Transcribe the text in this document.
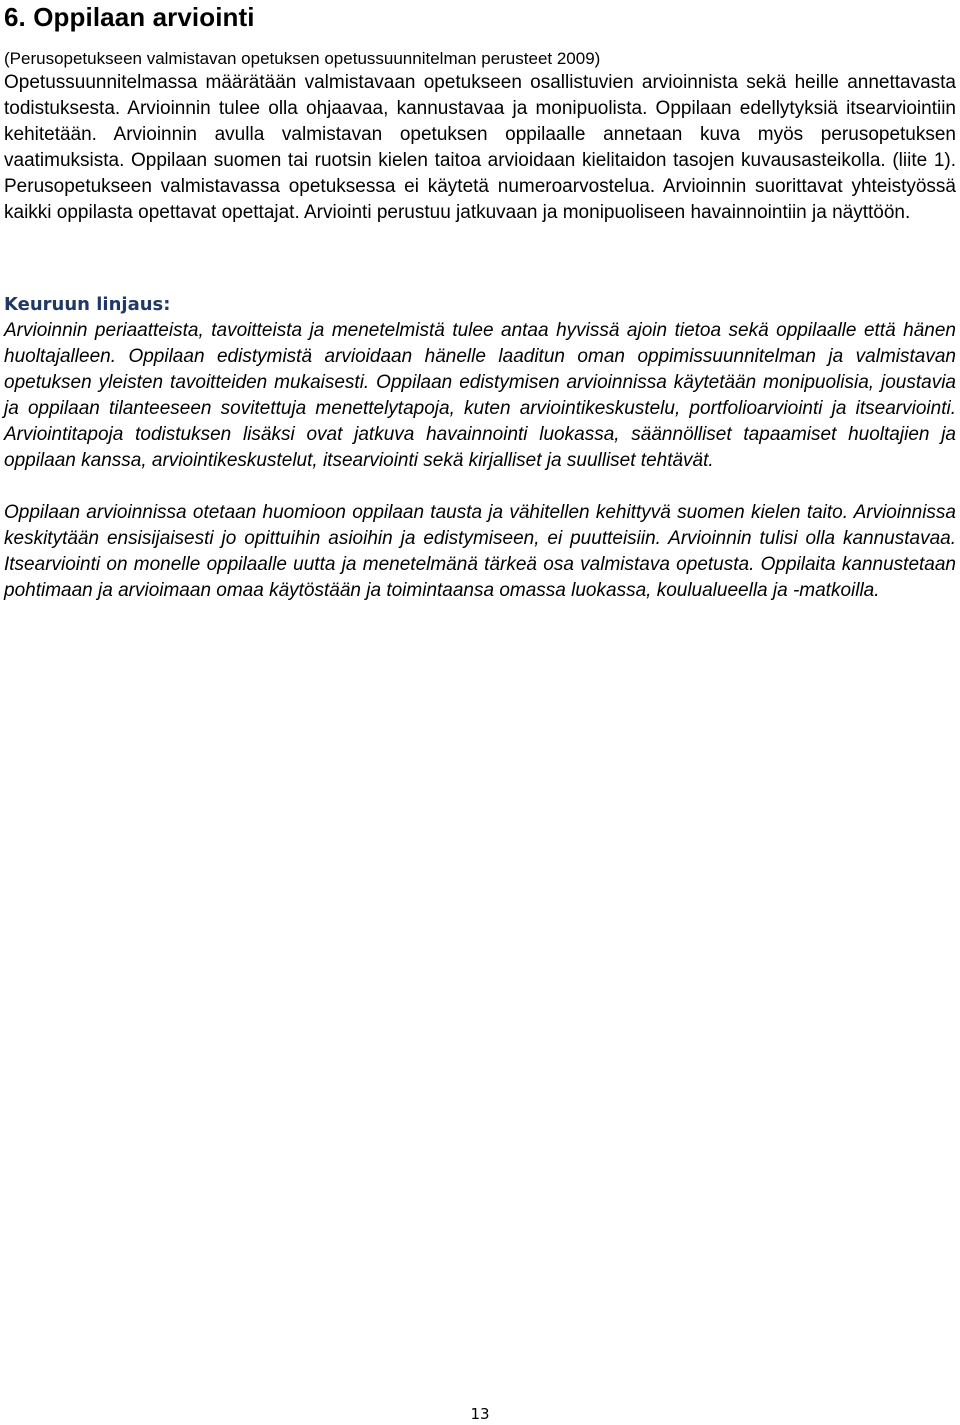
6. Oppilaan arviointi

(Perusopetukseen valmistavan opetuksen opetussuunnitelman perusteet 2009)

Opetussuunnitelmassa määrätään valmistavaan opetukseen osallistuvien arvioinnista sekä heille annettavasta todistuksesta. Arvioinnin tulee olla ohjaavaa, kannustavaa ja monipuolista. Oppilaan edellytyksiä itsearviointiin kehitetään. Arvioinnin avulla valmistavan opetuksen oppilaalle annetaan kuva myös perusopetuksen vaatimuksista. Oppilaan suomen tai ruotsin kielen taitoa arvioidaan kielitaidon tasojen kuvausasteikolla. (liite 1). Perusopetukseen valmistavassa opetuksessa ei käytetä numeroarvostelua. Arvioinnin suorittavat yhteistyössä kaikki oppilasta opettavat opettajat. Arviointi perustuu jatkuvaan ja monipuoliseen havainnointiin ja näyttöön.

Keuruun linjaus:

Arvioinnin periaatteista, tavoitteista ja menetelmistä tulee antaa hyvissä ajoin tietoa sekä oppilaalle että hänen huoltajalleen. Oppilaan edistymistä arvioidaan hänelle laaditun oman oppimissuunnitelman ja valmistavan opetuksen yleisten tavoitteiden mukaisesti. Oppilaan edistymisen arvioinnissa käytetään monipuolisia, joustavia ja oppilaan tilanteeseen sovitettuja menettelytapoja, kuten arviointikeskustelu, portfolioarviointi ja itsearviointi. Arviointitapoja todistuksen lisäksi ovat jatkuva havainnointi luokassa, säännölliset tapaamiset huoltajien ja oppilaan kanssa, arviointikeskustelut, itsearviointi sekä kirjalliset ja suulliset tehtävät.

Oppilaan arvioinnissa otetaan huomioon oppilaan tausta ja vähitellen kehittyvä suomen kielen taito. Arvioinnissa keskitytään ensisijaisesti jo opittuihin asioihin ja edistymiseen, ei puutteisiin. Arvioinnin tulisi olla kannustavaa. Itsearviointi on monelle oppilaalle uutta ja menetelmänä tärkeä osa valmistava opetusta. Oppilaita kannustetaan pohtimaan ja arvioimaan omaa käytöstään ja toimintaansa omassa luokassa, koulualueella ja -matkoilla.

13
